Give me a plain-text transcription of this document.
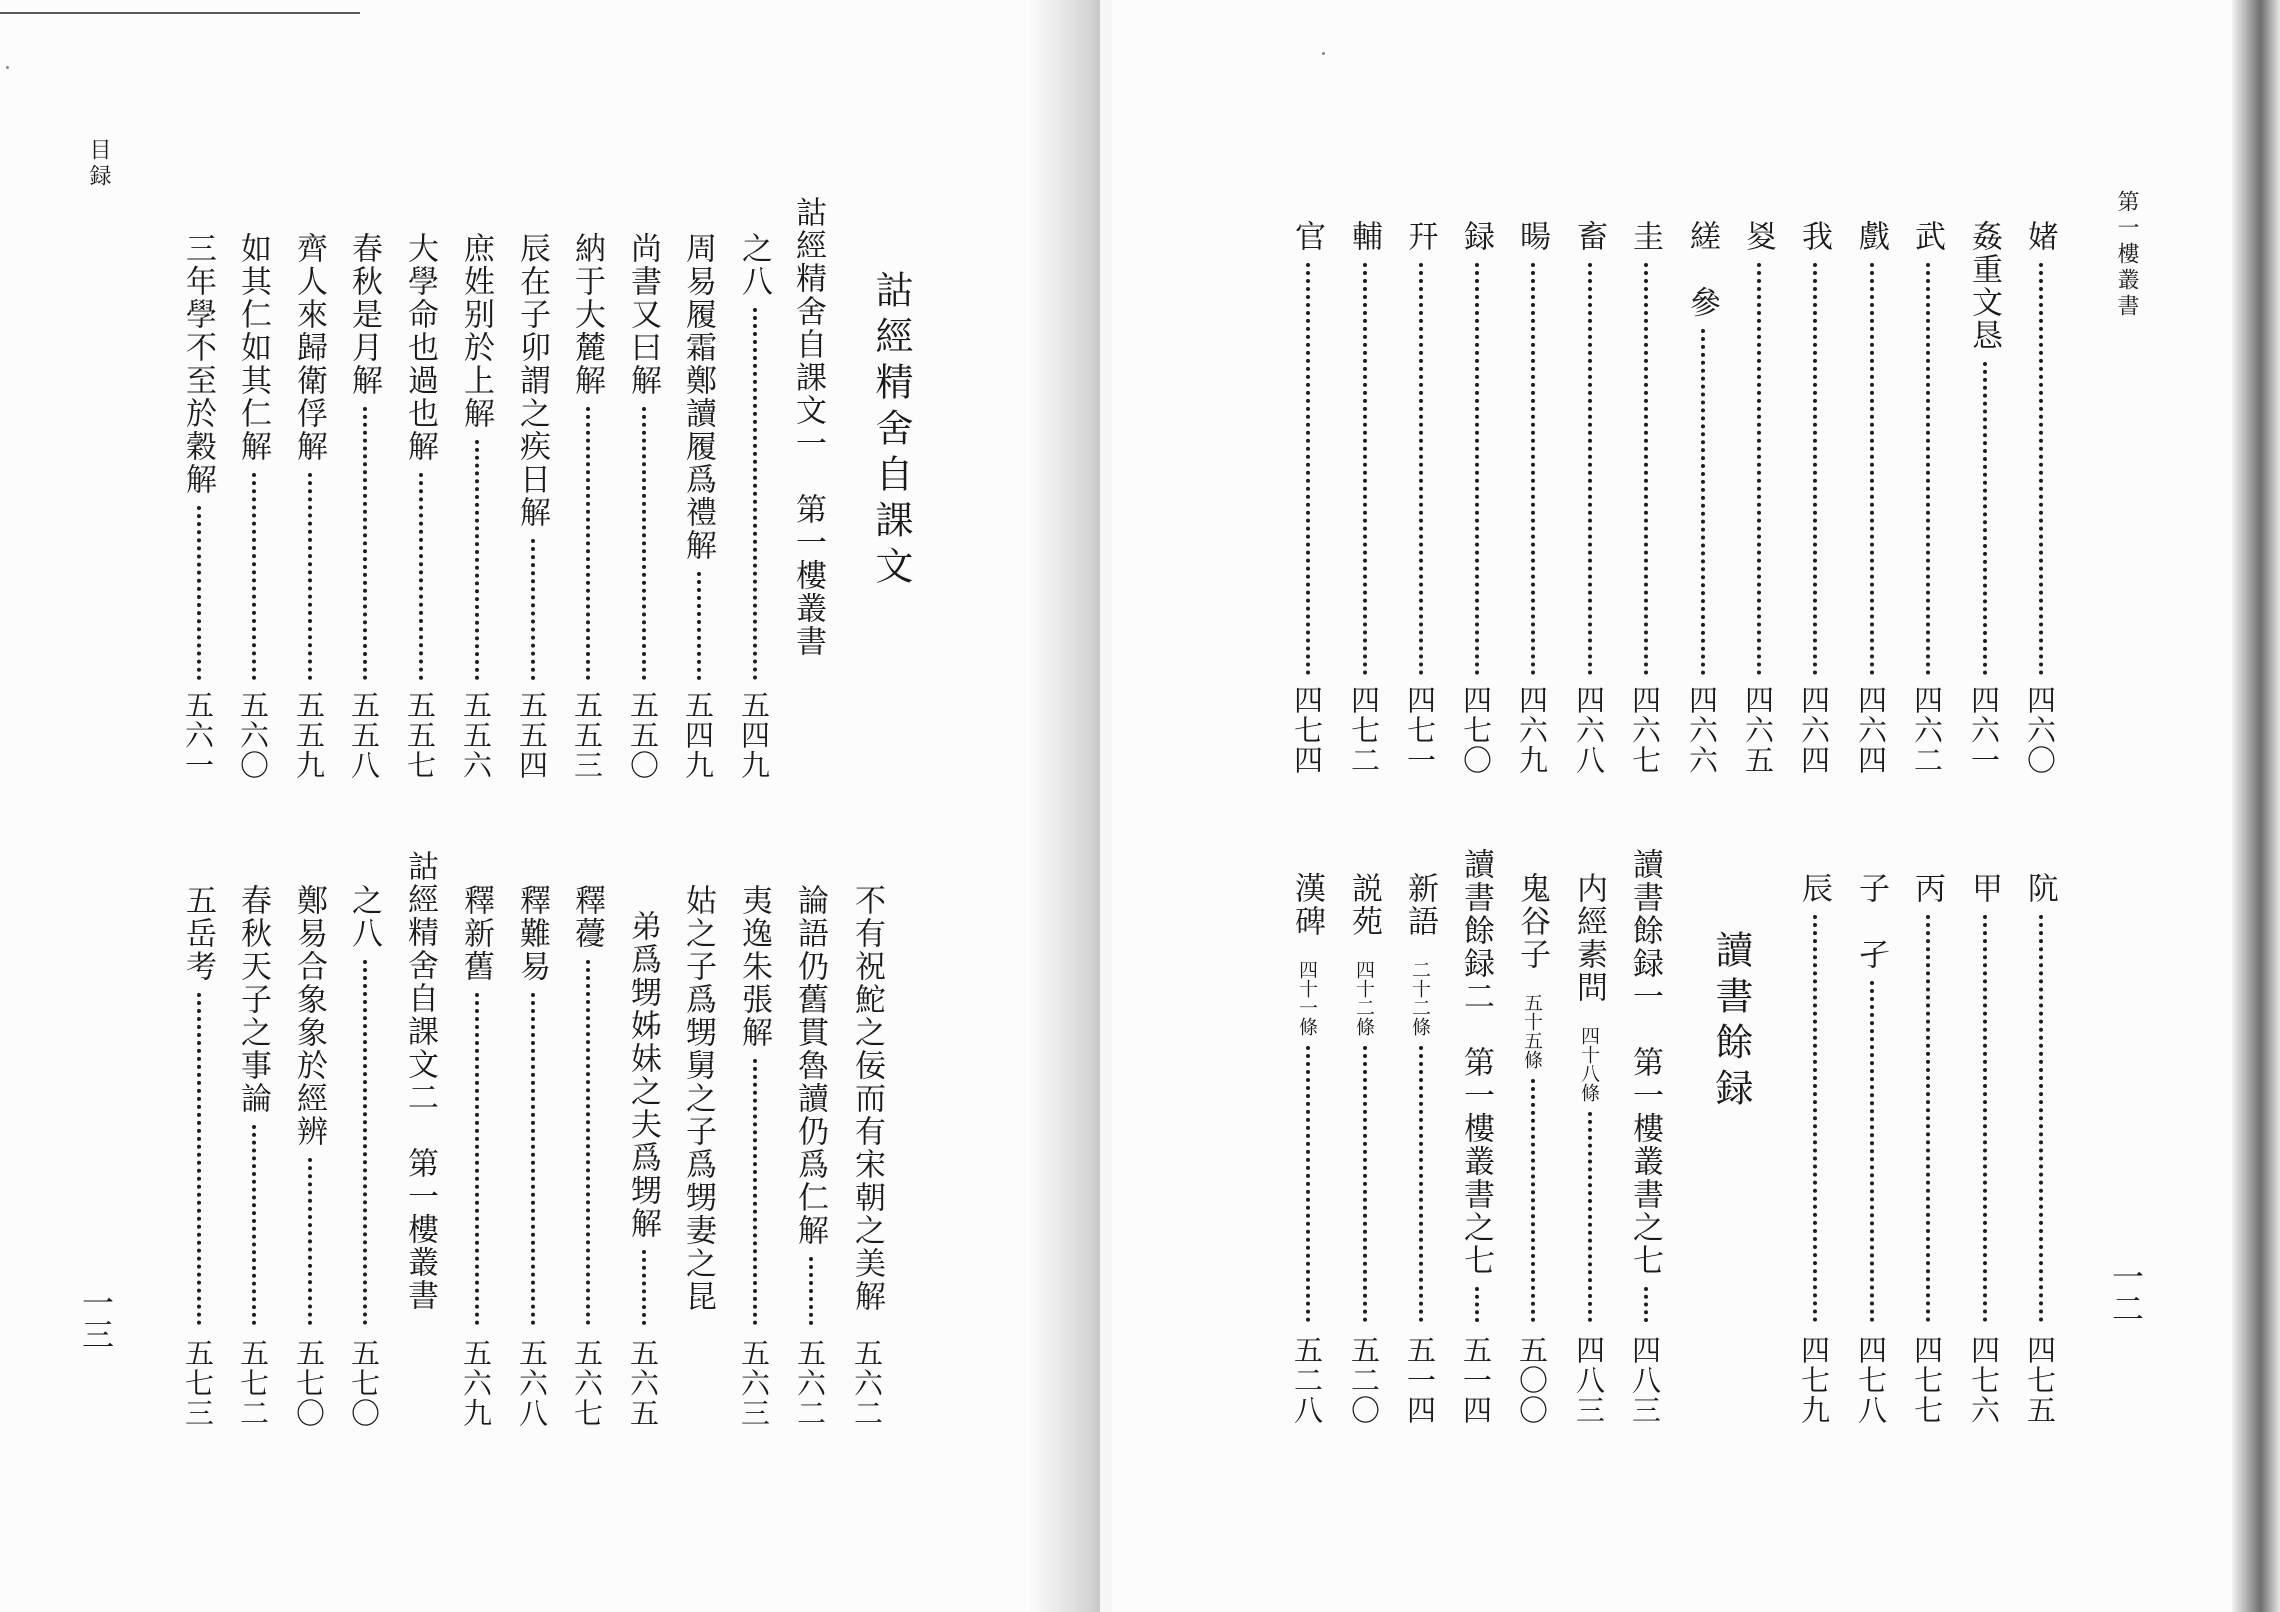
目録
一三
詁經精舍自課文
之八
五四九
詁經精舍自課文一　第一樓叢書
周易履霜鄭讀履爲禮解
五四九
尚書又曰解
五五〇
納于大麓解
五五三
辰在子卯謂之疾日解
五五四
庶姓别於上解
五五六
大學命也過也解
五五七
春秋是月解
五五八
齊人來歸衛俘解
五五九
如其仁如其仁解
五六〇
三年學不至於穀解
五六一
不有祝鮀之佞而有宋朝之美解
五六二
論語仍舊貫魯讀仍爲仁解
五六二
夷逸朱張解
五六三
姑之子爲甥舅之子爲甥妻之昆
弟爲甥姊妹之夫爲甥解
五六五
釋蘉
五六七
釋難易
五六八
釋新舊
五六九
詁經精舍自課文二　第一樓叢書
之八
五七〇
鄭易合象象於經辨
五七〇
春秋天子之事論
五七二
五岳考
五七三
第一樓叢書
一二
媎
四六〇
姦重文恳
四六一
武
四六二
戲
四六四
我
四六四
㚇
四六五
縒　參
四六六
圭
四六七
畜
四六八
暘
四六九
録
四七〇
幵
四七一
輔
四七二
官
四七四
讀書餘録
阬
四七五
甲
四七六
丙
四七七
子　孑
四七八
辰
四七九
讀書餘録一　第一樓叢書之七
四八三
内經素問 四十八條
四八三
鬼谷子 五十五條
五〇〇
讀書餘録二　第一樓叢書之七
五一四
新語 二十二條
五一四
説苑 四十二條
五二〇
漢碑 四十一條
五二八
